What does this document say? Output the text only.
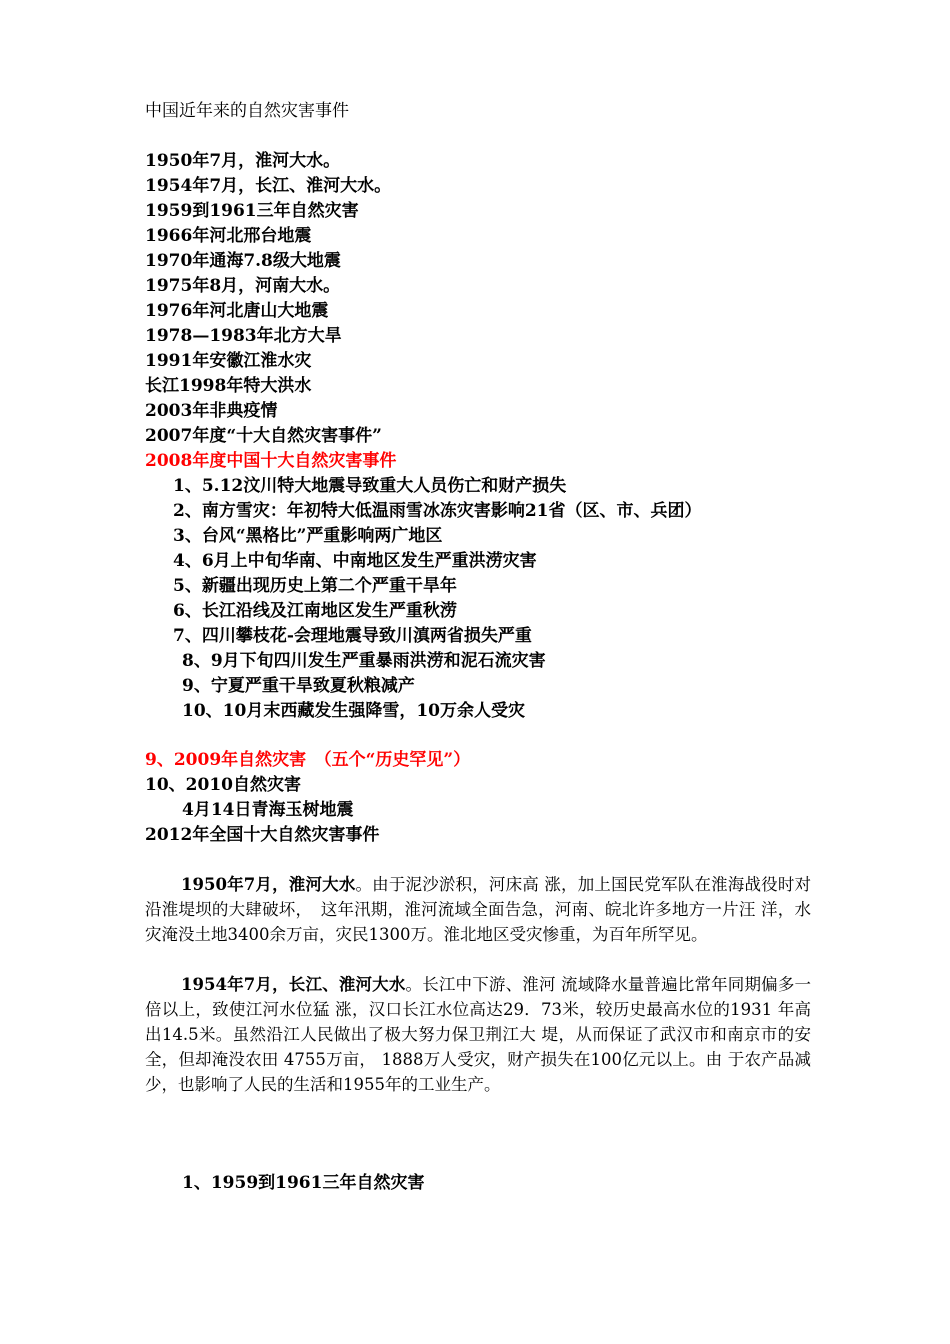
中国近年来的自然灾害事件
1950年7月，淮河大水。
1954年7月，长江、淮河大水。
1959到1961三年自然灾害
1966年河北邢台地震
1970年通海7.8级大地震
1975年8月，河南大水。
1976年河北唐山大地震
1978—1983年北方大旱
1991年安徽江淮水灾
长江1998年特大洪水
2003年非典疫情
2007年度“十大自然灾害事件”
2008年度中国十大自然灾害事件
1、5.12汶川特大地震导致重大人员伤亡和财产损失
2、南方雪灾：年初特大低温雨雪冰冻灾害影响21省（区、市、兵团）
3、台风“黑格比”严重影响两广地区
4、6月上中旬华南、中南地区发生严重洪涝灾害
5、新疆出现历史上第二个严重干旱年
6、长江沿线及江南地区发生严重秋涝
7、四川攀枝花-会理地震导致川滇两省损失严重
8、9月下旬四川发生严重暴雨洪涝和泥石流灾害
9、宁夏严重干旱致夏秋粮减产
10、10月末西藏发生强降雪，10万余人受灾
9、2009年自然灾害　（五个“历史罕见”）
10、2010自然灾害
4月14日青海玉树地震
2012年全国十大自然灾害事件
1950年7月，淮河大水。由于泥沙淤积，河床高 涨，加上国民党军队在淮海战役时对沿淮堤坝的大肆破坏，　这年汛期，淮河流域全面告急，河南、皖北许多地方一片汪 洋，水灾淹没土地3400余万亩，灾民1300万。淮北地区受灾惨重，为百年所罕见。
1954年7月，长江、淮河大水。长江中下游、淮河 流域降水量普遍比常年同期偏多一倍以上，致使江河水位猛 涨，汉口长江水位高达29．73米，较历史最高水位的1931 年高出14.5米。虽然沿江人民做出了极大努力保卫荆江大 堤，从而保证了武汉市和南京市的安全，但却淹没农田 4755万亩， 1888万人受灾，财产损失在100亿元以上。由 于农产品减少，也影响了人民的生活和1955年的工业生产。
1、1959到1961三年自然灾害
